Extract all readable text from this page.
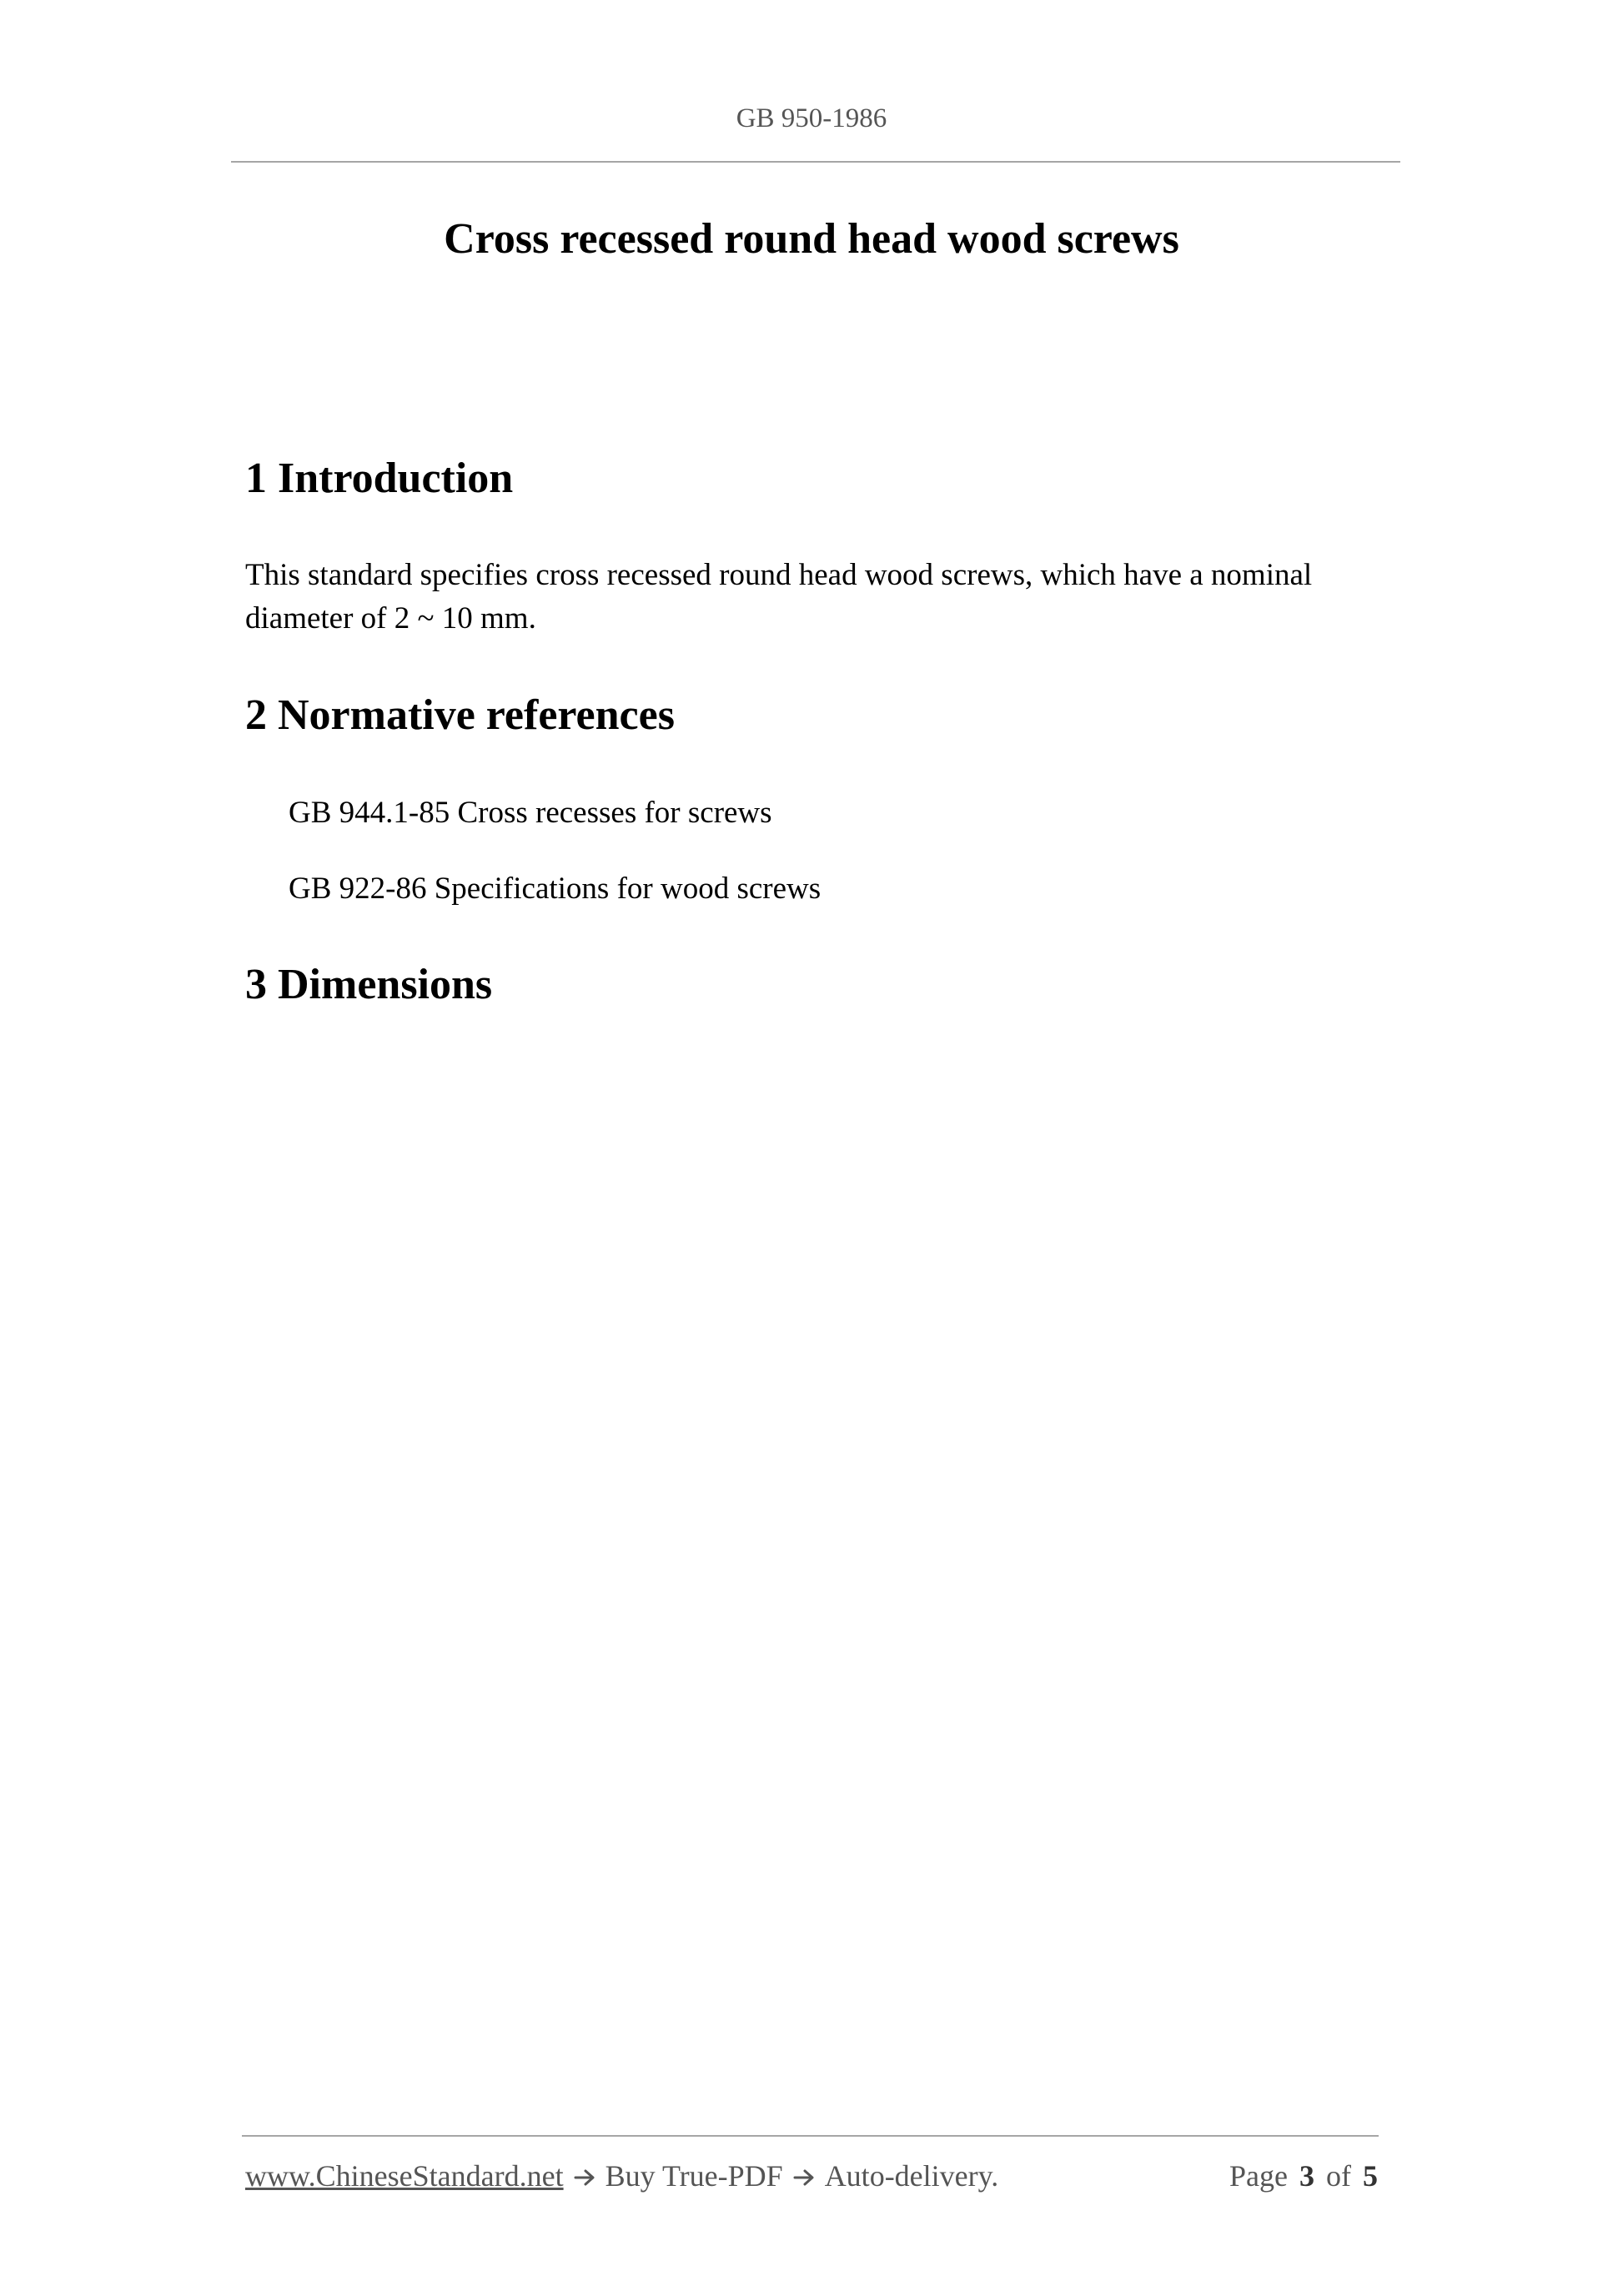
GB 950-1986
Cross recessed round head wood screws
1 Introduction
This standard specifies cross recessed round head wood screws, which have a nominal diameter of 2 ~ 10 mm.
2 Normative references
GB 944.1-85 Cross recesses for screws
GB 922-86 Specifications for wood screws
3 Dimensions
www.ChineseStandard.net Buy True-PDF Auto-delivery.	Page 3 of 5
